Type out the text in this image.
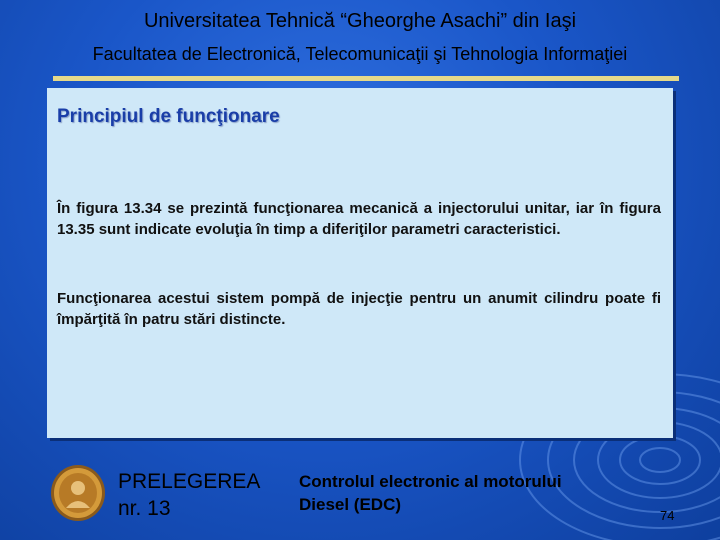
Universitatea Tehnică “Gheorghe Asachi” din Iaşi
Facultatea de Electronică, Telecomunicaţii şi Tehnologia Informaţiei
Principiul de funcţionare
În figura 13.34 se prezintă funcţionarea mecanică a injectorului unitar, iar în figura 13.35 sunt indicate evoluţia în timp a diferiţilor parametri caracteristici.
Funcţionarea acestui sistem pompă de injecţie pentru un anumit cilindru poate fi împărţită în patru stări distincte.
PRELEGEREA
nr. 13
Controlul electronic al motorului
Diesel (EDC)
74
